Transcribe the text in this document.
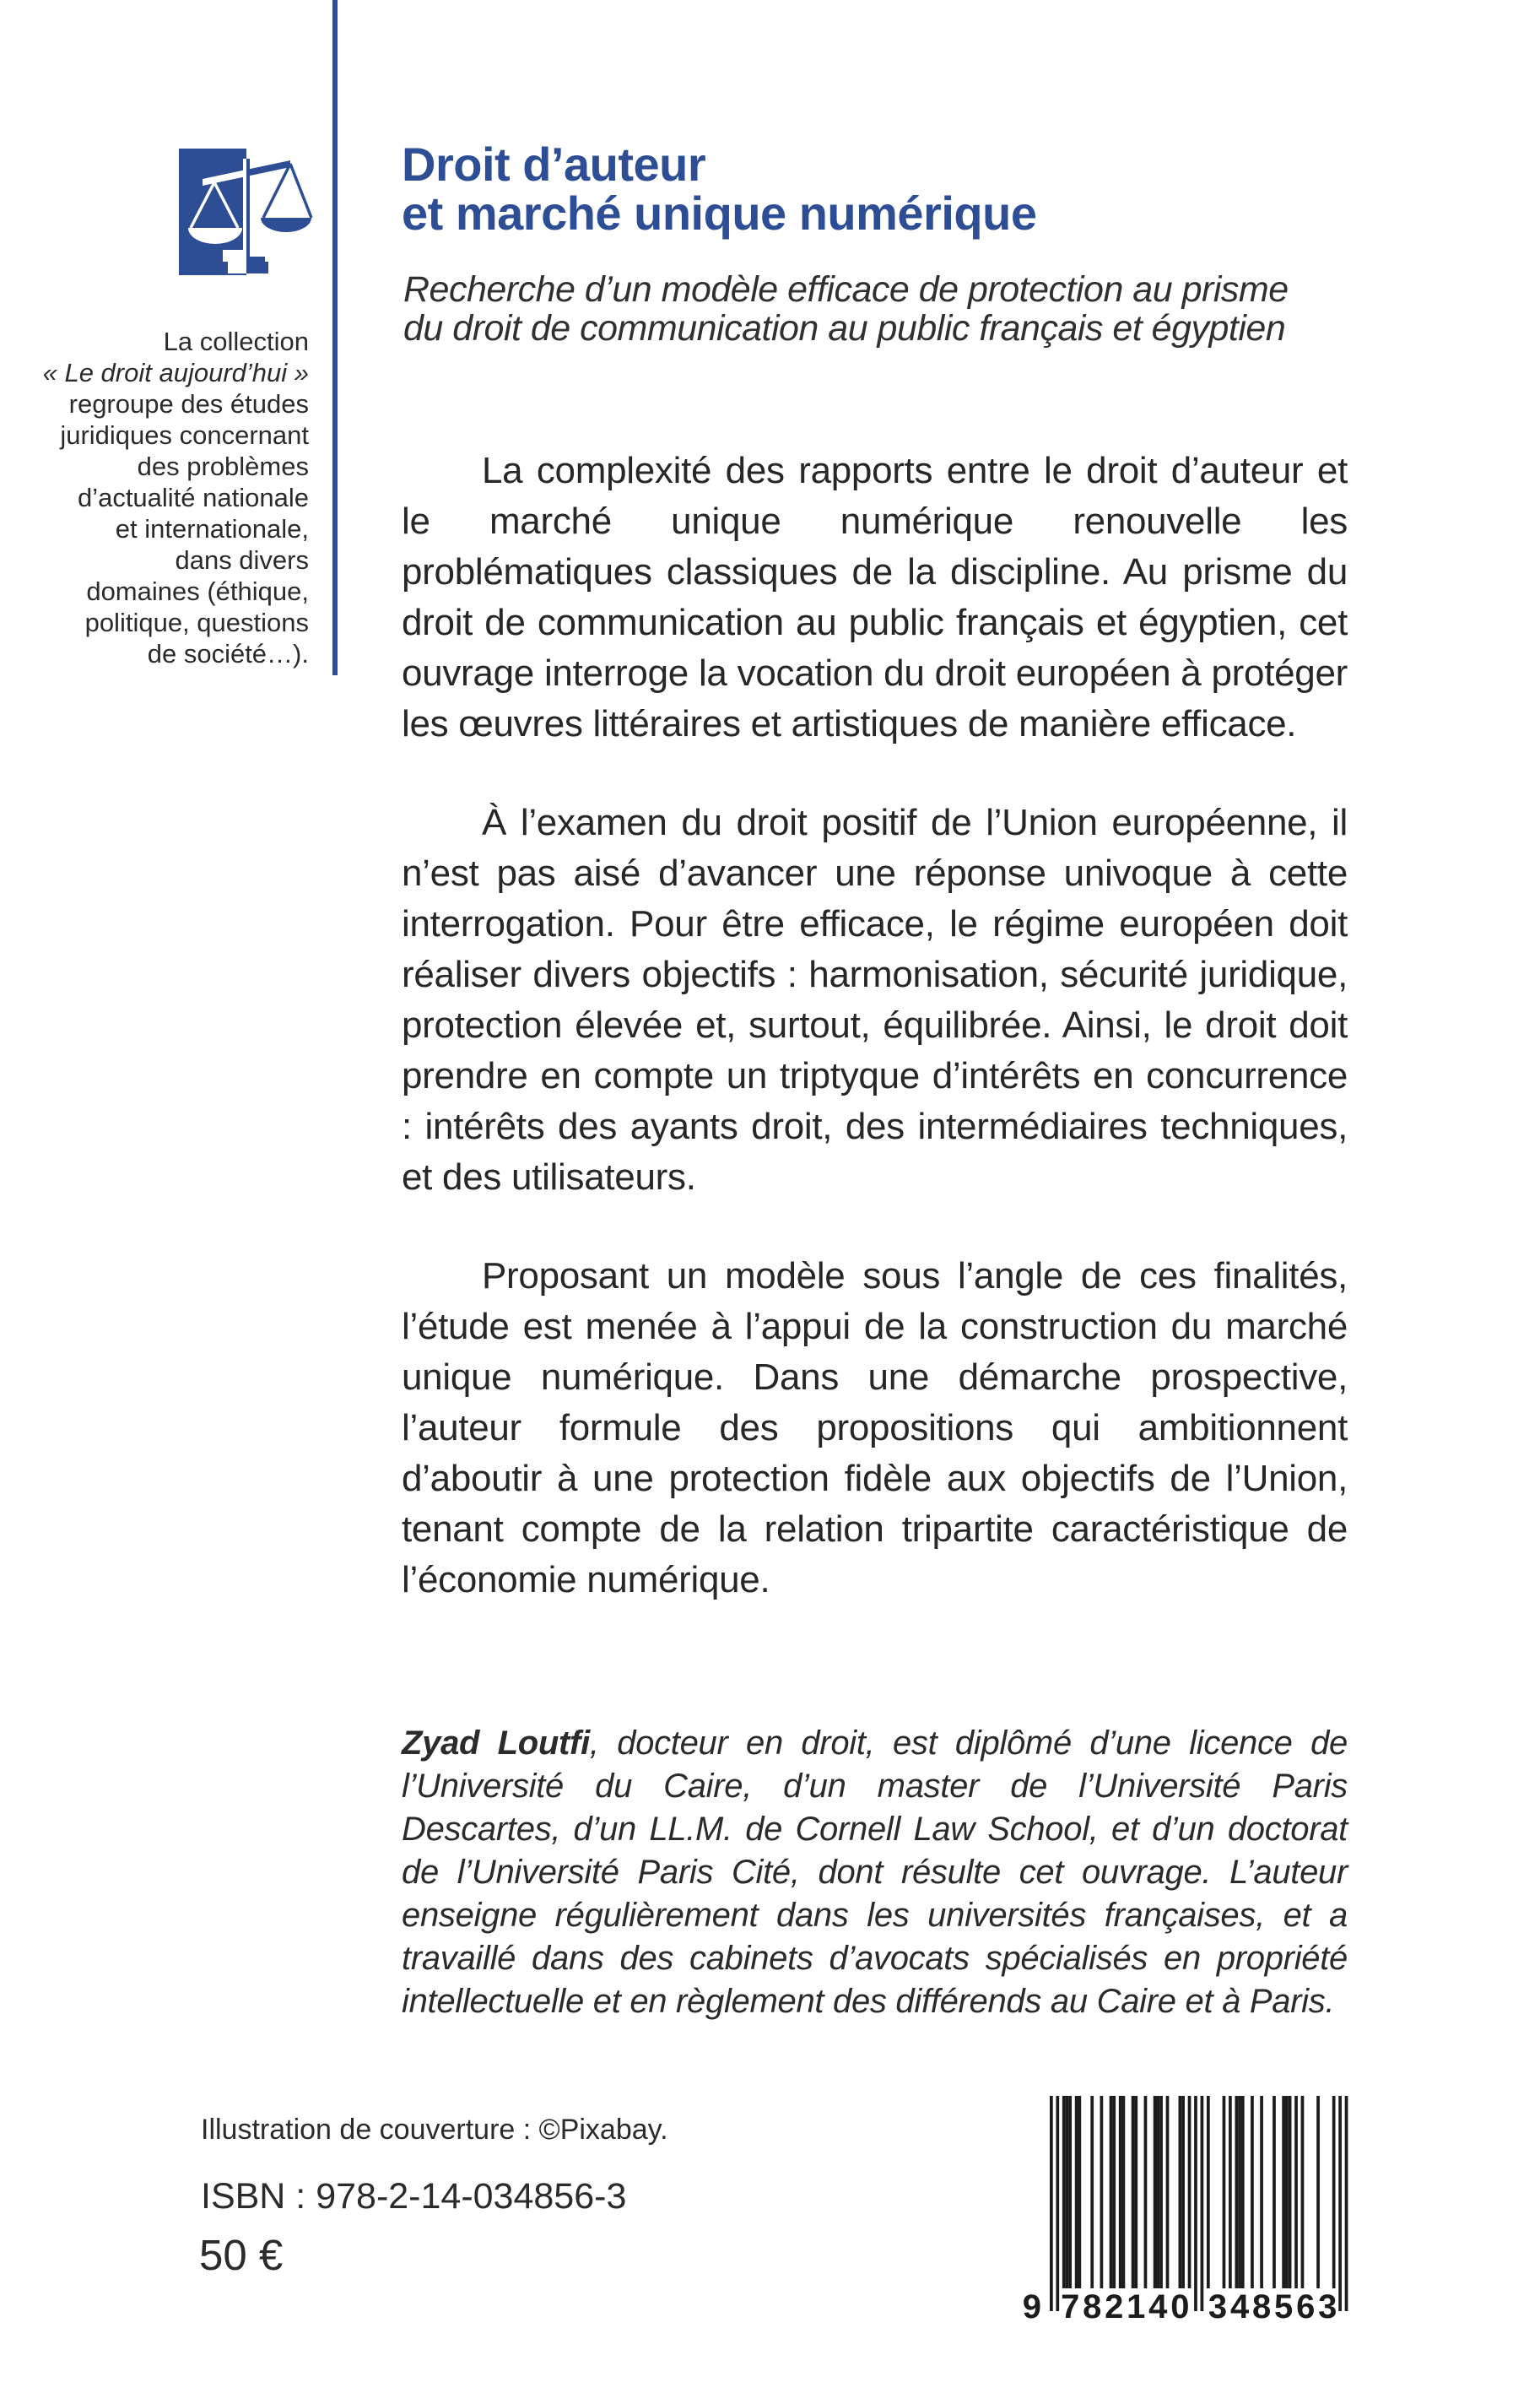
La collection
« Le droit aujourd’hui »
regroupe des études
juridiques concernant
des problèmes
d’actualité nationale
et internationale,
dans divers
domaines (éthique,
politique, questions
de société…).
Droit d’auteur
et marché unique numérique
Recherche d’un modèle efficace de protection au prisme
du droit de communication au public français et égyptien

La complexité des rapports entre le droit d’auteur et le marché unique numérique renouvelle les problématiques classiques de la discipline. Au prisme du droit de communication au public français et égyptien, cet ouvrage interroge la vocation du droit européen à protéger les œuvres littéraires et artistiques de manière efficace.

À l’examen du droit positif de l’Union européenne, il n’est pas aisé d’avancer une réponse univoque à cette interrogation. Pour être efficace, le régime européen doit réaliser divers objectifs : harmonisation, sécurité juridique, protection élevée et, surtout, équilibrée. Ainsi, le droit doit prendre en compte un triptyque d’intérêts en concurrence : intérêts des ayants droit, des intermédiaires techniques, et des utilisateurs.

Proposant un modèle sous l’angle de ces finalités, l’étude est menée à l’appui de la construction du marché unique numérique. Dans une démarche prospective, l’auteur formule des propositions qui ambitionnent d’aboutir à une protection fidèle aux objectifs de l’Union, tenant compte de la relation tripartite caractéristique de l’économie numérique.

Zyad Loutfi, docteur en droit, est diplômé d’une licence de l’Université du Caire, d’un master de l’Université Paris Descartes, d’un LL.M. de Cornell Law School, et d’un doctorat de l’Université Paris Cité, dont résulte cet ouvrage. L’auteur enseigne régulièrement dans les universités françaises, et a travaillé dans des cabinets d’avocats spécialisés en propriété intellectuelle et en règlement des différends au Caire et à Paris.

Illustration de couverture : ©Pixabay.
ISBN : 978-2-14-034856-3
50 €
9 7	3
8	4
2	8
1	5
4	6
0	3
